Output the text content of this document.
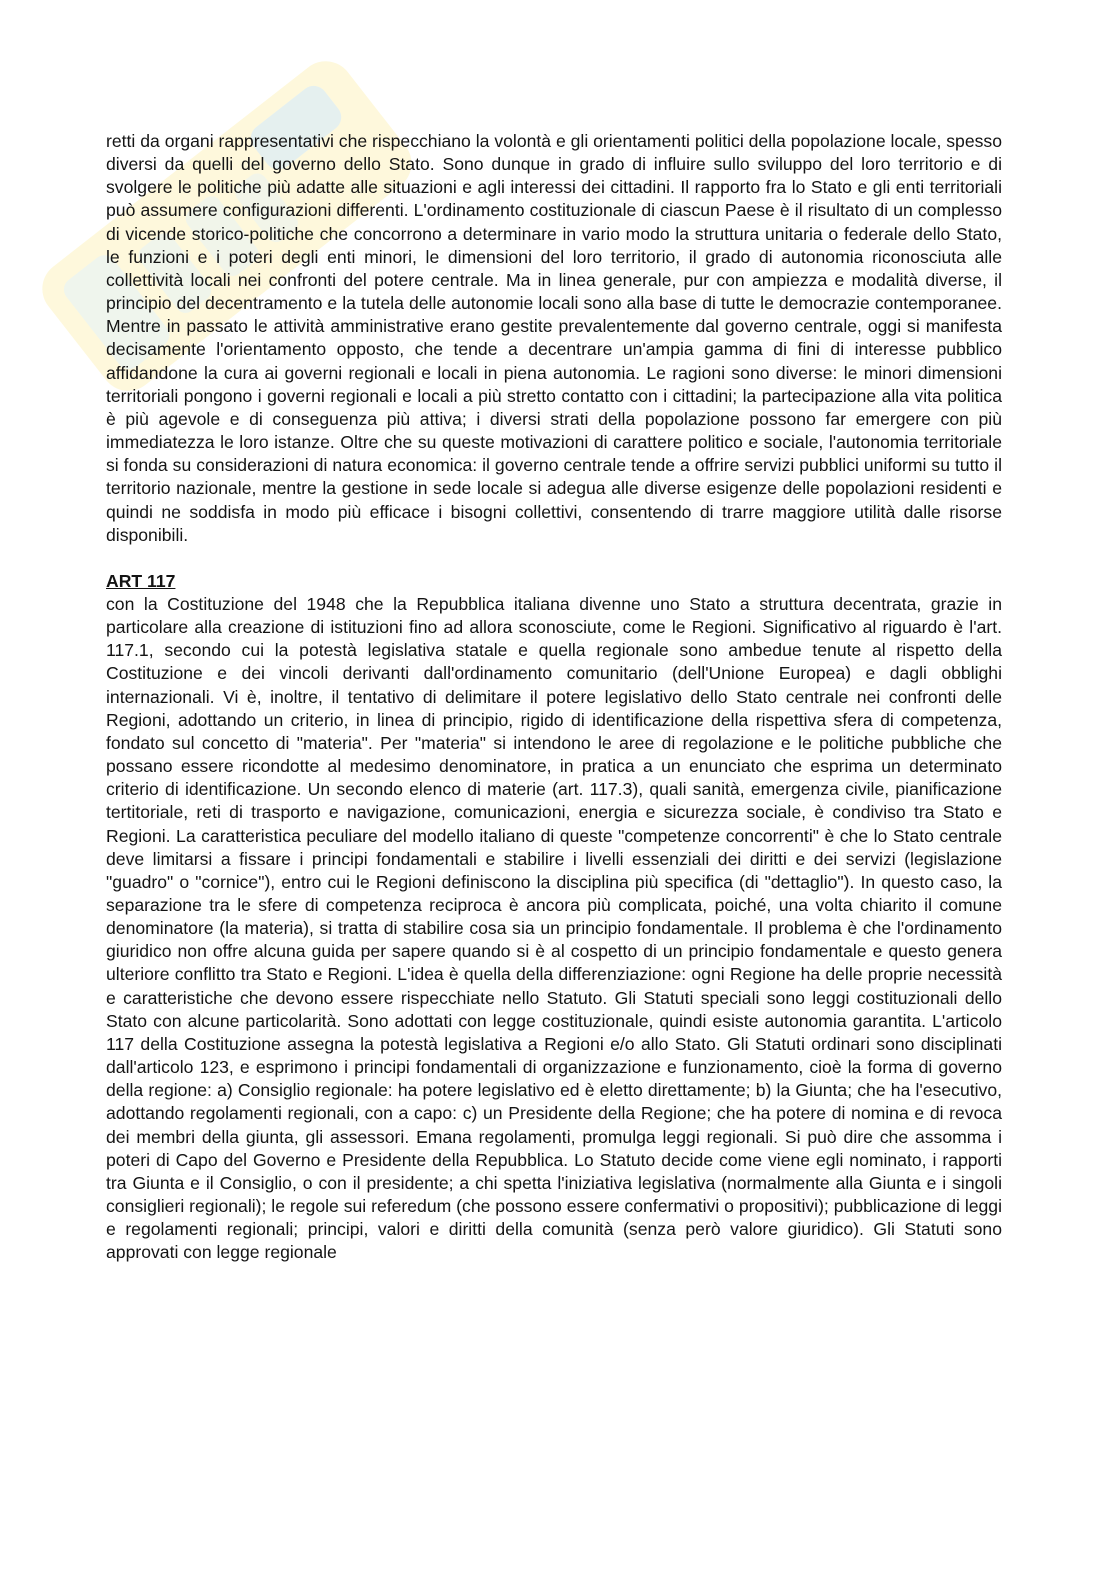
retti da organi rappresentativi che rispecchiano la volontà e gli orientamenti politici della popolazione locale, spesso diversi da quelli del governo dello Stato. Sono dunque in grado di influire sullo sviluppo del loro territorio e di svolgere le politiche più adatte alle situazioni e agli interessi dei cittadini. Il rapporto fra lo Stato e gli enti territoriali può assumere configurazioni differenti. L'ordinamento costituzionale di ciascun Paese è il risultato di un complesso di vicende storico-politiche che concorrono a determinare in vario modo la struttura unitaria o federale dello Stato, le funzioni e i poteri degli enti minori, le dimensioni del loro territorio, il grado di autonomia riconosciuta alle collettività locali nei confronti del potere centrale. Ma in linea generale, pur con ampiezza e modalità diverse, il principio del decentramento e la tutela delle autonomie locali sono alla base di tutte le democrazie contemporanee. Mentre in passato le attività amministrative erano gestite prevalentemente dal governo centrale, oggi si manifesta decisamente l'orientamento opposto, che tende a decentrare un'ampia gamma di fini di interesse pubblico affidandone la cura ai governi regionali e locali in piena autonomia. Le ragioni sono diverse: le minori dimensioni territoriali pongono i governi regionali e locali a più stretto contatto con i cittadini; la partecipazione alla vita politica è più agevole e di conseguenza più attiva; i diversi strati della popolazione possono far emergere con più immediatezza le loro istanze. Oltre che su queste motivazioni di carattere politico e sociale, l'autonomia territoriale si fonda su considerazioni di natura economica: il governo centrale tende a offrire servizi pubblici uniformi su tutto il territorio nazionale, mentre la gestione in sede locale si adegua alle diverse esigenze delle popolazioni residenti e quindi ne soddisfa in modo più efficace i bisogni collettivi, consentendo di trarre maggiore utilità dalle risorse disponibili.

ART 117

con la Costituzione del 1948 che la Repubblica italiana divenne uno Stato a struttura decentrata, grazie in particolare alla creazione di istituzioni fino ad allora sconosciute, come le Regioni. Significativo al riguardo è l'art. 117.1, secondo cui la potestà legislativa statale e quella regionale sono ambedue tenute al rispetto della Costituzione e dei vincoli derivanti dall'ordinamento comunitario (dell'Unione Europea) e dagli obblighi internazionali. Vi è, inoltre, il tentativo di delimitare il potere legislativo dello Stato centrale nei confronti delle Regioni, adottando un criterio, in linea di principio, rigido di identificazione della rispettiva sfera di competenza, fondato sul concetto di "materia". Per "materia" si intendono le aree di regolazione e le politiche pubbliche che possano essere ricondotte al medesimo denominatore, in pratica a un enunciato che esprima un determinato criterio di identificazione. Un secondo elenco di materie (art. 117.3), quali sanità, emergenza civile, pianificazione tertitoriale, reti di trasporto e navigazione, comunicazioni, energia e sicurezza sociale, è condiviso tra Stato e Regioni. La caratteristica peculiare del modello italiano di queste "competenze concorrenti" è che lo Stato centrale deve limitarsi a fissare i principi fondamentali e stabilire i livelli essenziali dei diritti e dei servizi (legislazione "guadro" o "cornice"), entro cui le Regioni definiscono la disciplina più specifica (di "dettaglio"). In questo caso, la separazione tra le sfere di competenza reciproca è ancora più complicata, poiché, una volta chiarito il comune denominatore (la materia), si tratta di stabilire cosa sia un principio fondamentale. Il problema è che l'ordinamento giuridico non offre alcuna guida per sapere quando si è al cospetto di un principio fondamentale e questo genera ulteriore conflitto tra Stato e Regioni. L'idea è quella della differenziazione: ogni Regione ha delle proprie necessità e caratteristiche che devono essere rispecchiate nello Statuto. Gli Statuti speciali sono leggi costituzionali dello Stato con alcune particolarità. Sono adottati con legge costituzionale, quindi esiste autonomia garantita. L'articolo 117 della Costituzione assegna la potestà legislativa a Regioni e/o allo Stato. Gli Statuti ordinari sono disciplinati dall'articolo 123, e esprimono i principi fondamentali di organizzazione e funzionamento, cioè la forma di governo della regione: a) Consiglio regionale: ha potere legislativo ed è eletto direttamente; b) la Giunta; che ha l'esecutivo, adottando regolamenti regionali, con a capo: c) un Presidente della Regione; che ha potere di nomina e di revoca dei membri della giunta, gli assessori. Emana regolamenti, promulga leggi regionali. Si può dire che assomma i poteri di Capo del Governo e Presidente della Repubblica. Lo Statuto decide come viene egli nominato, i rapporti tra Giunta e il Consiglio, o con il presidente; a chi spetta l'iniziativa legislativa (normalmente alla Giunta e i singoli consiglieri regionali); le regole sui referedum (che possono essere confermativi o propositivi); pubblicazione di leggi e regolamenti regionali; principi, valori e diritti della comunità (senza però valore giuridico). Gli Statuti sono approvati con legge regionale
